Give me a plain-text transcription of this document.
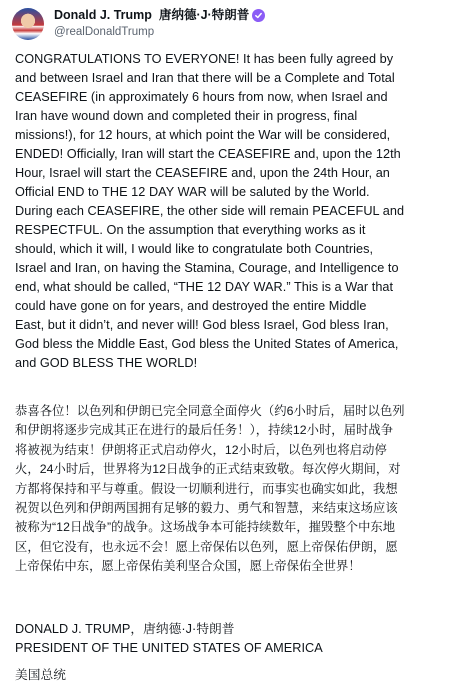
Donald J. Trump 唐纳德·J·特朗普
@realDonaldTrump

CONGRATULATIONS TO EVERYONE! It has been fully agreed by
and between Israel and Iran that there will be a Complete and Total
CEASEFIRE (in approximately 6 hours from now, when Israel and
Iran have wound down and completed their in progress, final
missions!), for 12 hours, at which point the War will be considered,
ENDED! Officially, Iran will start the CEASEFIRE and, upon the 12th
Hour, Israel will start the CEASEFIRE and, upon the 24th Hour, an
Official END to THE 12 DAY WAR will be saluted by the World.
During each CEASEFIRE, the other side will remain PEACEFUL and
RESPECTFUL. On the assumption that everything works as it
should, which it will, I would like to congratulate both Countries,
Israel and Iran, on having the Stamina, Courage, and Intelligence to
end, what should be called, “THE 12 DAY WAR.” This is a War that
could have gone on for years, and destroyed the entire Middle
East, but it didn’t, and never will! God bless Israel, God bless Iran,
God bless the Middle East, God bless the United States of America,
and GOD BLESS THE WORLD!

恭喜各位！以色列和伊朗已完全同意全面停火（约6小时后，届时以色列
和伊朗将逐步完成其正在进行的最后任务！），持续12小时，届时战争
将被视为结束！伊朗将正式启动停火，12小时后，以色列也将启动停
火，24小时后，世界将为12日战争的正式结束致敬。每次停火期间，对
方都将保持和平与尊重。假设一切顺利进行，而事实也确实如此，我想
祝贺以色列和伊朗两国拥有足够的毅力、勇气和智慧，来结束这场应该
被称为“12日战争”的战争。这场战争本可能持续数年，摧毁整个中东地
区，但它没有，也永远不会！愿上帝保佑以色列，愿上帝保佑伊朗，愿
上帝保佑中东，愿上帝保佑美利坚合众国，愿上帝保佑全世界！

DONALD J. TRUMP，唐纳德·J·特朗普

PRESIDENT OF THE UNITED STATES OF AMERICA

美国总统
